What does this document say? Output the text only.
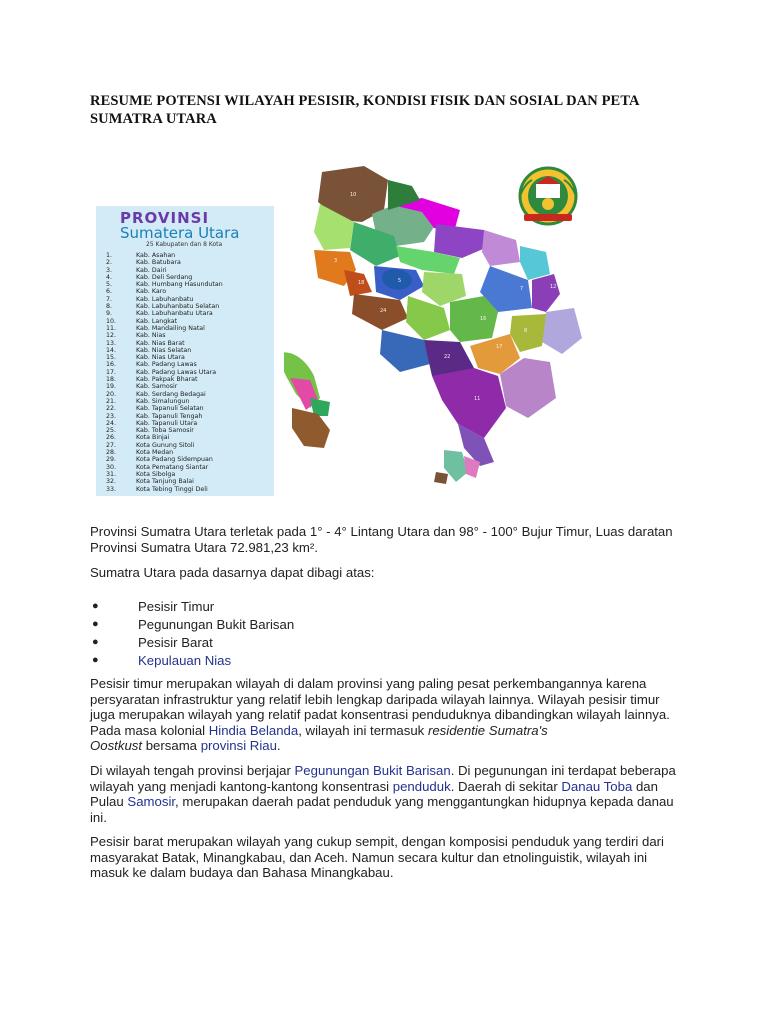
RESUME POTENSI WILAYAH PESISIR, KONDISI FISIK DAN SOSIAL DAN PETA
SUMATRA UTARA
PROVINSI
Sumatera Utara
25 Kabupaten dan 8 Kota
1.	Kab. Asahan
2.	Kab. Batubara
3.	Kab. Dairi
4.	Kab. Deli Serdang
5.	Kab. Humbang Hasundutan
6.	Kab. Karo
7.	Kab. Labuhanbatu
8.	Kab. Labuhanbatu Selatan
9.	Kab. Labuhanbatu Utara
10.	Kab. Langkat
11.	Kab. Mandailing Natal
12.	Kab. Nias
13.	Kab. Nias Barat
14.	Kab. Nias Selatan
15.	Kab. Nias Utara
16.	Kab. Padang Lawas
17.	Kab. Padang Lawas Utara
18.	Kab. Pakpak Bharat
19.	Kab. Samosir
20.	Kab. Serdang Bedagai
21.	Kab. Simalungun
22.	Kab. Tapanuli Selatan
23.	Kab. Tapanuli Tengah
24.	Kab. Tapanuli Utara
25.	Kab. Toba Samosir
26.	Kota Binjai
27.	Kota Gunung Sitoli
28.	Kota Medan
29.	Kota Padang Sidempuan
30.	Kota Pematang Siantar
31.	Kota Sibolga
32.	Kota Tanjung Balai
33.	Kota Tebing Tinggi Deli
10
3
18	5
24
16
17
7
22
11
14
12
8
Provinsi Sumatra Utara terletak pada 1° - 4° Lintang Utara dan 98° - 100° Bujur Timur, Luas daratan
Provinsi Sumatra Utara 72.981,23 km².
Sumatra Utara pada dasarnya dapat dibagi atas:
●	Pesisir Timur
●	Pegunungan Bukit Barisan
●	Pesisir Barat
●	Kepulauan Nias
Pesisir timur merupakan wilayah di dalam provinsi yang paling pesat perkembangannya karena
persyaratan infrastruktur yang relatif lebih lengkap daripada wilayah lainnya. Wilayah pesisir timur
juga merupakan wilayah yang relatif padat konsentrasi penduduknya dibandingkan wilayah lainnya.
Pada masa kolonial Hindia Belanda, wilayah ini termasuk residentie Sumatra's
Oostkust bersama provinsi Riau.
Di wilayah tengah provinsi berjajar Pegunungan Bukit Barisan. Di pegunungan ini terdapat beberapa
wilayah yang menjadi kantong-kantong konsentrasi penduduk. Daerah di sekitar Danau Toba dan
Pulau Samosir, merupakan daerah padat penduduk yang menggantungkan hidupnya kepada danau
ini.
Pesisir barat merupakan wilayah yang cukup sempit, dengan komposisi penduduk yang terdiri dari
masyarakat Batak, Minangkabau, dan Aceh. Namun secara kultur dan etnolinguistik, wilayah ini
masuk ke dalam budaya dan Bahasa Minangkabau.
